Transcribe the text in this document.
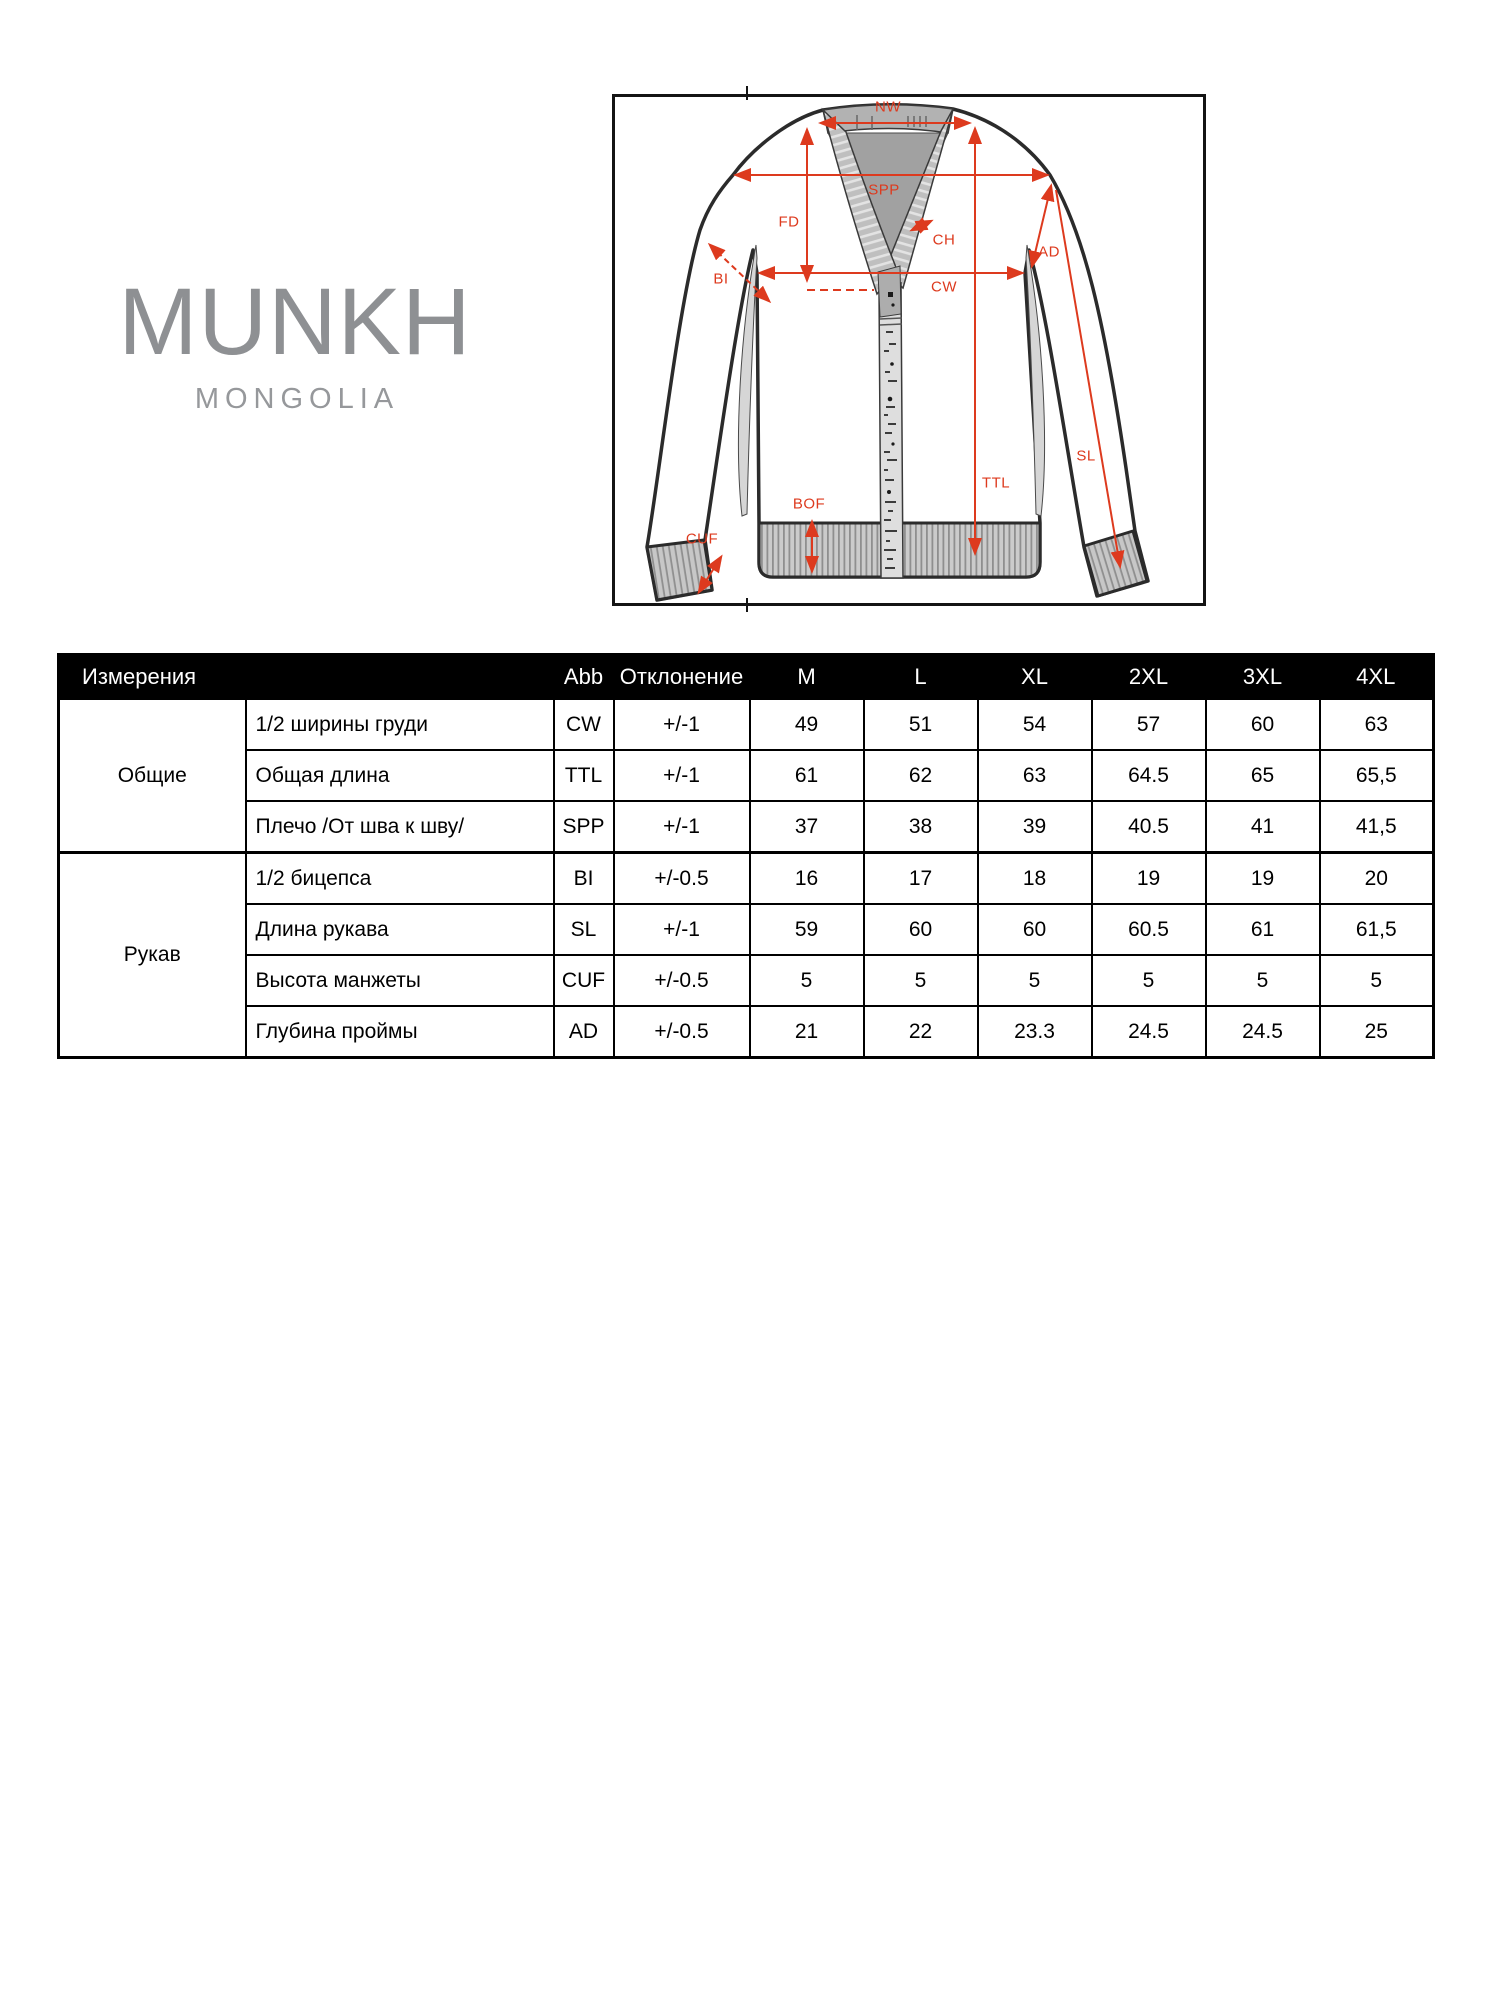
MUNKH
MONGOLIA
NW
SPP
FD
CH
BI	CW
AD
TTL
SL
BOF
CUF
Измерения		Abb	Отклонение	M	L	XL	2XL	3XL	4XL
Общие	1/2 ширины груди	CW	+/-1	49	51	54	57	60	63
	Общая длина	TTL	+/-1	61	62	63	64.5	65	65,5
	Плечо /От шва к шву/	SPP	+/-1	37	38	39	40.5	41	41,5
Рукав	1/2 бицепса	BI	+/-0.5	16	17	18	19	19	20
	Длина рукава	SL	+/-1	59	60	60	60.5	61	61,5
	Высота манжеты	CUF	+/-0.5	5	5	5	5	5	5
	Глубина проймы	AD	+/-0.5	21	22	23.3	24.5	24.5	25
